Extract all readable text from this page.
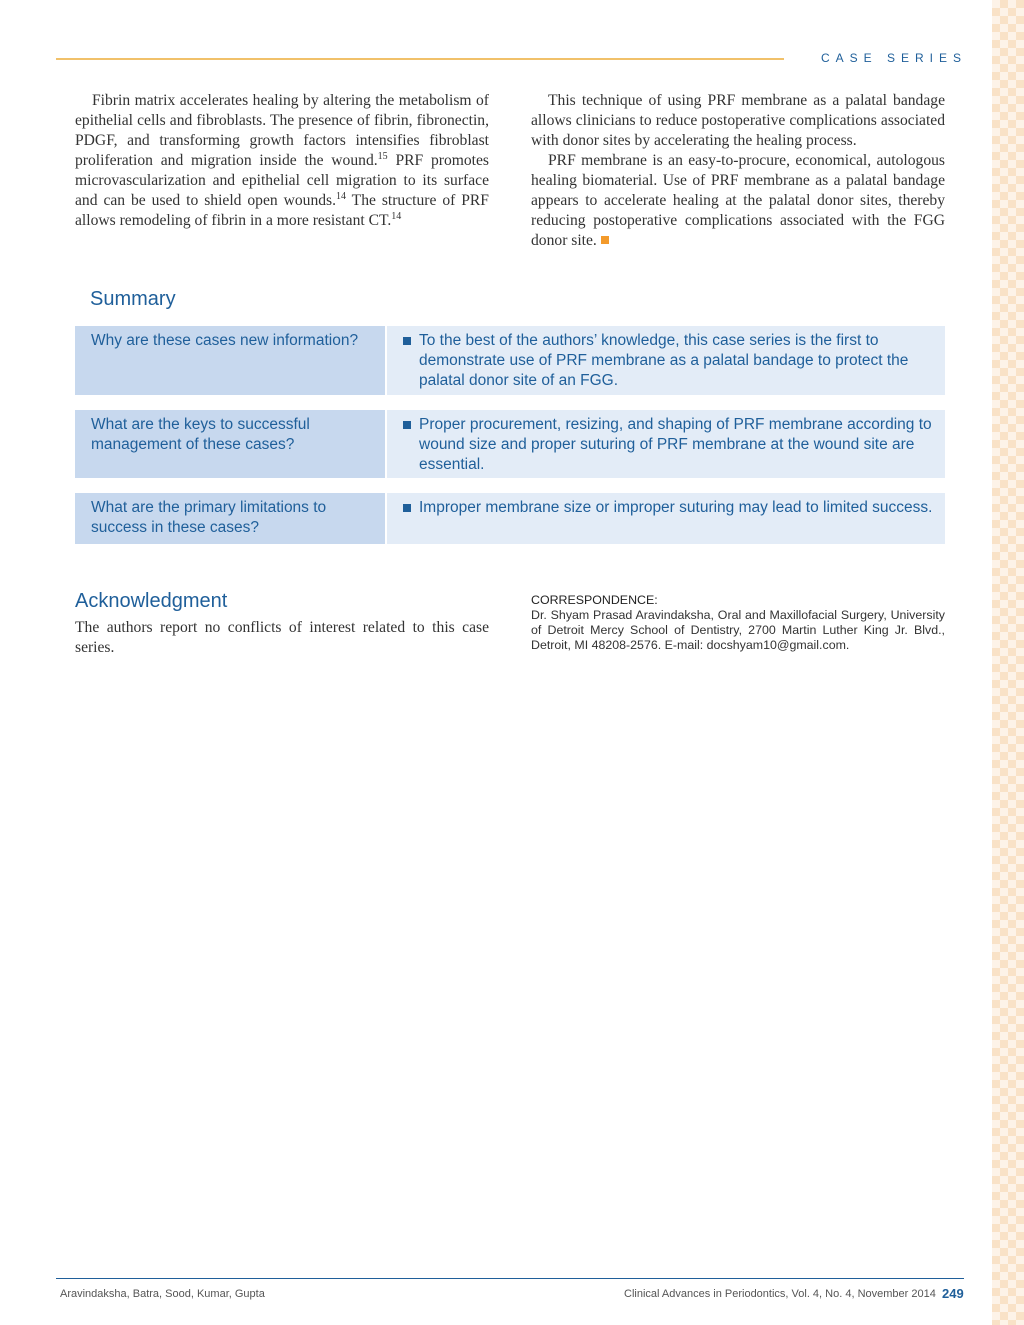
CASE SERIES

Fibrin matrix accelerates healing by altering the metabolism of epithelial cells and fibroblasts. The presence of fibrin, fibronectin, PDGF, and transforming growth factors intensifies fibroblast proliferation and migration inside the wound.$^{15}$ PRF promotes microvascularization and epithelial cell migration to its surface and can be used to shield open wounds.$^{14}$ The structure of PRF allows remodeling of fibrin in a more resistant CT.$^{14}$

This technique of using PRF membrane as a palatal bandage allows clinicians to reduce postoperative complications associated with donor sites by accelerating the healing process.

PRF membrane is an easy-to-procure, economical, autologous healing biomaterial. Use of PRF membrane as a palatal bandage appears to accelerate healing at the palatal donor sites, thereby reducing postoperative complications associated with the FGG donor site.

Summary
Why are these cases new information?	To the best of the authors’ knowledge, this case series is the first to demonstrate use of PRF membrane as a palatal bandage to protect the palatal donor site of an FGG.
What are the keys to successful management of these cases?
Proper procurement, resizing, and shaping of PRF membrane according to wound size and proper suturing of PRF membrane at the wound site are essential.
What are the primary limitations to success in these cases?
Improper membrane size or improper suturing may lead to limited success.
Acknowledgment

The authors report no conflicts of interest related to this case series.

CORRESPONDENCE:

Dr. Shyam Prasad Aravindaksha, Oral and Maxillofacial Surgery, University of Detroit Mercy School of Dentistry, 2700 Martin Luther King Jr. Blvd., Detroit, MI 48208-2576. E-mail: docshyam10@gmail.com.

Aravindaksha, Batra, Sood, Kumar, Gupta	Clinical Advances in Periodontics, Vol. 4, No. 4, November 2014 249
